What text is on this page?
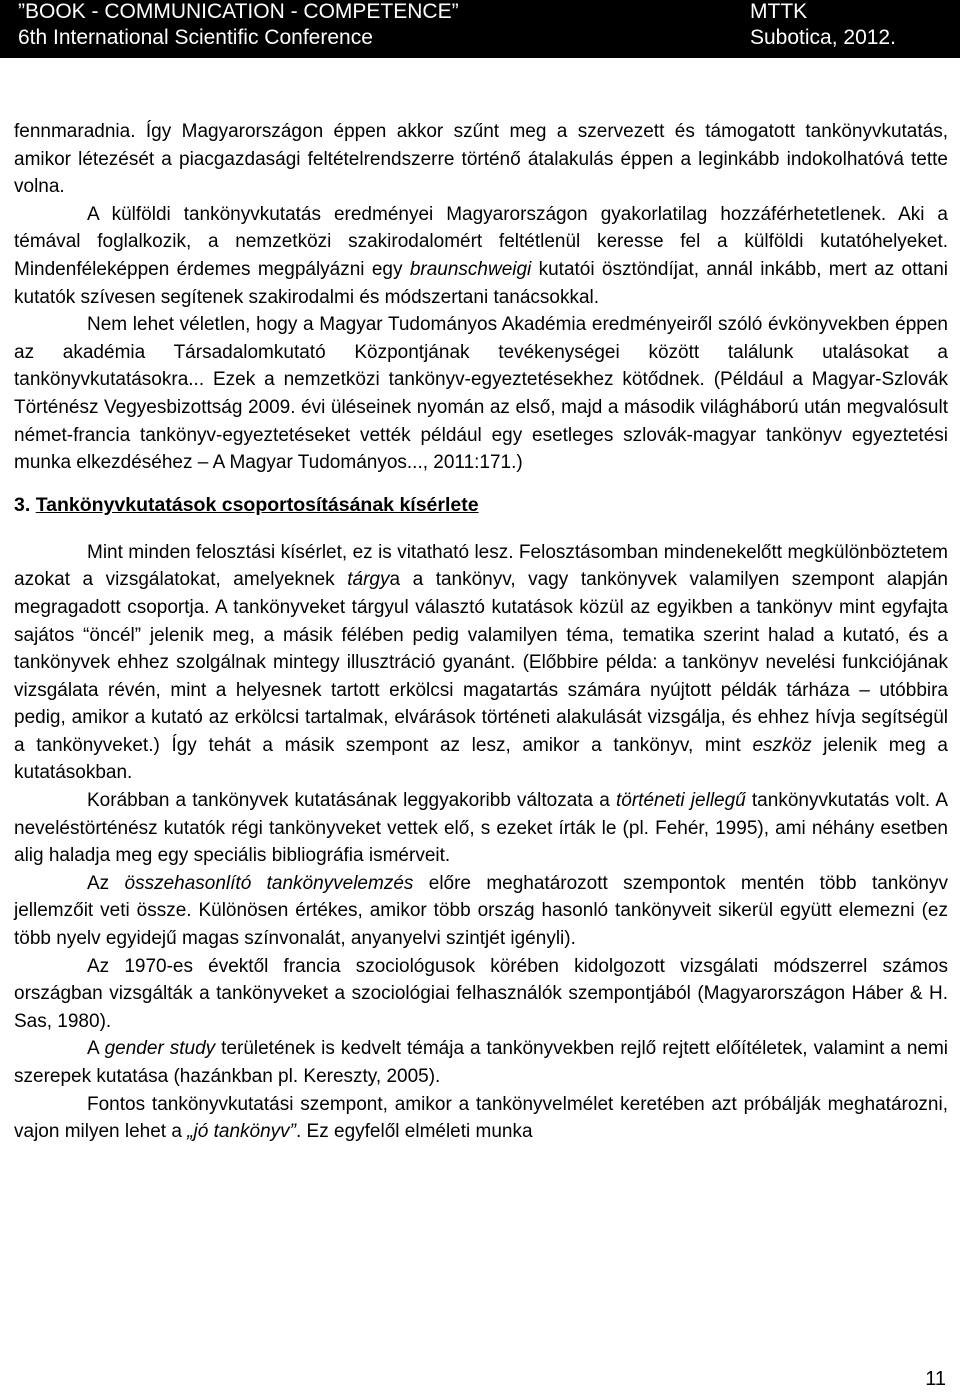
”BOOK - COMMUNICATION - COMPETENCE”	MTTK
6th International Scientific Conference	Subotica, 2012.

fennmaradnia. Így Magyarországon éppen akkor szűnt meg a szervezett és támogatott tankönyvkutatás, amikor létezését a piacgazdasági feltételrendszerre történő átalakulás éppen a leginkább indokolhatóvá tette volna.

A külföldi tankönyvkutatás eredményei Magyarországon gyakorlatilag hozzáférhetetlenek. Aki a témával foglalkozik, a nemzetközi szakirodalomért feltétlenül keresse fel a külföldi kutatóhelyeket. Mindenféleképpen érdemes megpályázni egy braunschweigi kutatói ösztöndíjat, annál inkább, mert az ottani kutatók szívesen segítenek szakirodalmi és módszertani tanácsokkal.

Nem lehet véletlen, hogy a Magyar Tudományos Akadémia eredményeiről szóló évkönyvekben éppen az akadémia Társadalomkutató Központjának tevékenységei között találunk utalásokat a tankönyvkutatásokra... Ezek a nemzetközi tankönyv-egyeztetésekhez kötődnek. (Például a Magyar-Szlovák Történész Vegyesbizottság 2009. évi üléseinek nyomán az első, majd a második világháború után megvalósult német-francia tankönyv-egyeztetéseket vették például egy esetleges szlovák-magyar tankönyv egyeztetési munka elkezdéséhez – A Magyar Tudományos..., 2011:171.)

3. Tankönyvkutatások csoportosításának kísérlete

Mint minden felosztási kísérlet, ez is vitatható lesz. Felosztásomban mindenekelőtt megkülönböztetem azokat a vizsgálatokat, amelyeknek tárgya a tankönyv, vagy tankönyvek valamilyen szempont alapján megragadott csoportja. A tankönyveket tárgyul választó kutatások közül az egyikben a tankönyv mint egyfajta sajátos “öncél” jelenik meg, a másik félében pedig valamilyen téma, tematika szerint halad a kutató, és a tankönyvek ehhez szolgálnak mintegy illusztráció gyanánt. (Előbbire példa: a tankönyv nevelési funkciójának vizsgálata révén, mint a helyesnek tartott erkölcsi magatartás számára nyújtott példák tárháza – utóbbira pedig, amikor a kutató az erkölcsi tartalmak, elvárások történeti alakulását vizsgálja, és ehhez hívja segítségül a tankönyveket.) Így tehát a másik szempont az lesz, amikor a tankönyv, mint eszköz jelenik meg a kutatásokban.

Korábban a tankönyvek kutatásának leggyakoribb változata a történeti jellegű tankönyvkutatás volt. A neveléstörténész kutatók régi tankönyveket vettek elő, s ezeket írták le (pl. Fehér, 1995), ami néhány esetben alig haladja meg egy speciális bibliográfia ismérveit.

Az összehasonlító tankönyvelemzés előre meghatározott szempontok mentén több tankönyv jellemzőit veti össze. Különösen értékes, amikor több ország hasonló tankönyveit sikerül együtt elemezni (ez több nyelv egyidejű magas színvonalát, anyanyelvi szintjét igényli).

Az 1970-es évektől francia szociológusok körében kidolgozott vizsgálati módszerrel számos országban vizsgálták a tankönyveket a szociológiai felhasználók szempontjából (Magyarországon Háber & H. Sas, 1980).

A gender study területének is kedvelt témája a tankönyvekben rejlő rejtett előítéletek, valamint a nemi szerepek kutatása (hazánkban pl. Kereszty, 2005).

Fontos tankönyvkutatási szempont, amikor a tankönyvelmélet keretében azt próbálják meghatározni, vajon milyen lehet a „jó tankönyv”. Ez egyfelől elméleti munka

11
